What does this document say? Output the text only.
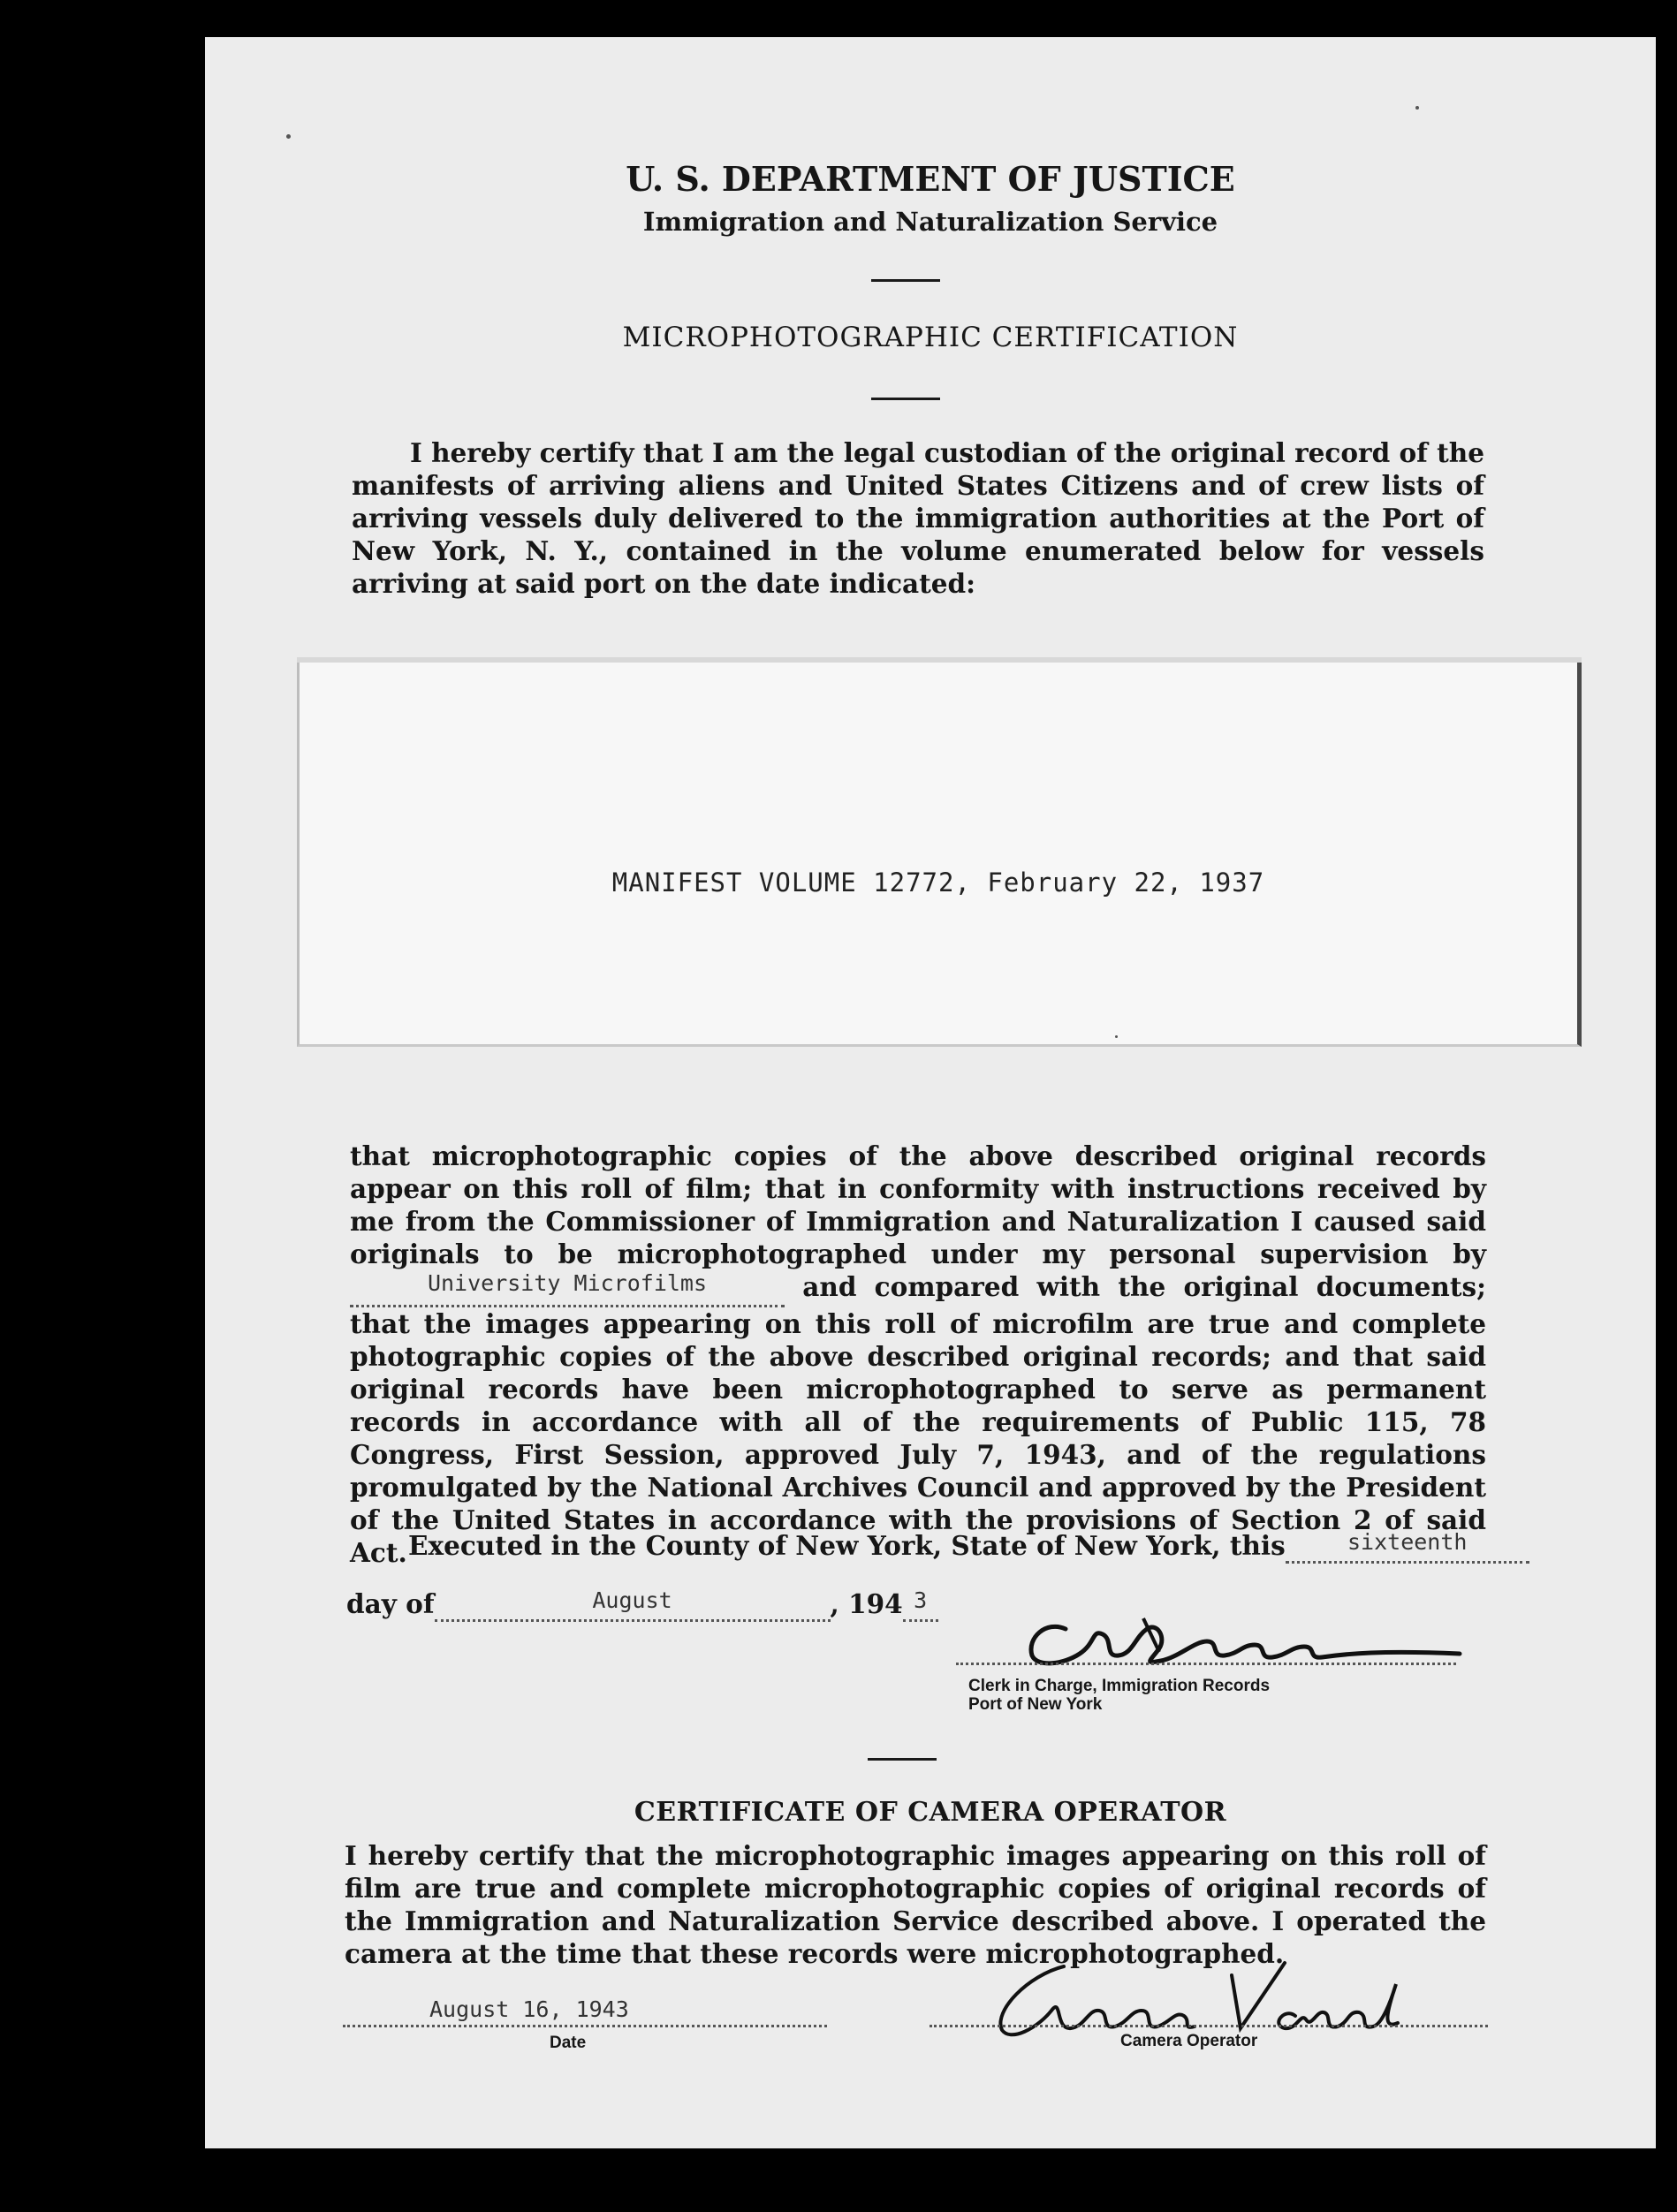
U. S. DEPARTMENT OF JUSTICE
Immigration and Naturalization Service
MICROPHOTOGRAPHIC CERTIFICATION
I hereby certify that I am the legal custodian of the original record of the manifests of arriving aliens and United States Citizens and of crew lists of arriving vessels duly delivered to the immigration authorities at the Port of New York, N. Y., contained in the volume enumerated below for vessels arriving at said port on the date indicated:
MANIFEST VOLUME 12772, February 22, 1937
that microphotographic copies of the above described original records appear on this roll of film; that in conformity with instructions received by me from the Commissioner of Immigration and Naturalization I caused said originals to be microphotographed under my personal supervision $by^{University Microfilms}$	and compared with the original documents; that the images appearing on this roll of microfilm are true and complete photographic copies of the above described original records; and that said original records have been microphotographed to serve as permanent records in accordance with all of the requirements of Public 115, 78 Congress, First Session, approved July 7, 1943, and of the regulations promulgated by the National Archives Council and approved by the President of the United States in accordance with the provisions of Section 2 of said Act. Executed in the County of New York, State of New York, this	$^{sixteenth}$
day of	$^{August}$	, 194 $^3$
Clerk in Charge, Immigration Records
Port of New York
CERTIFICATE OF CAMERA OPERATOR
I hereby certify that the microphotographic images appearing on this roll of film are true and complete microphotographic copies of original records of the Immigration and Naturalization Service described above. I operated the camera at the time that these records were microphotographed.
August 16, 1943
Date	Camera Operator
